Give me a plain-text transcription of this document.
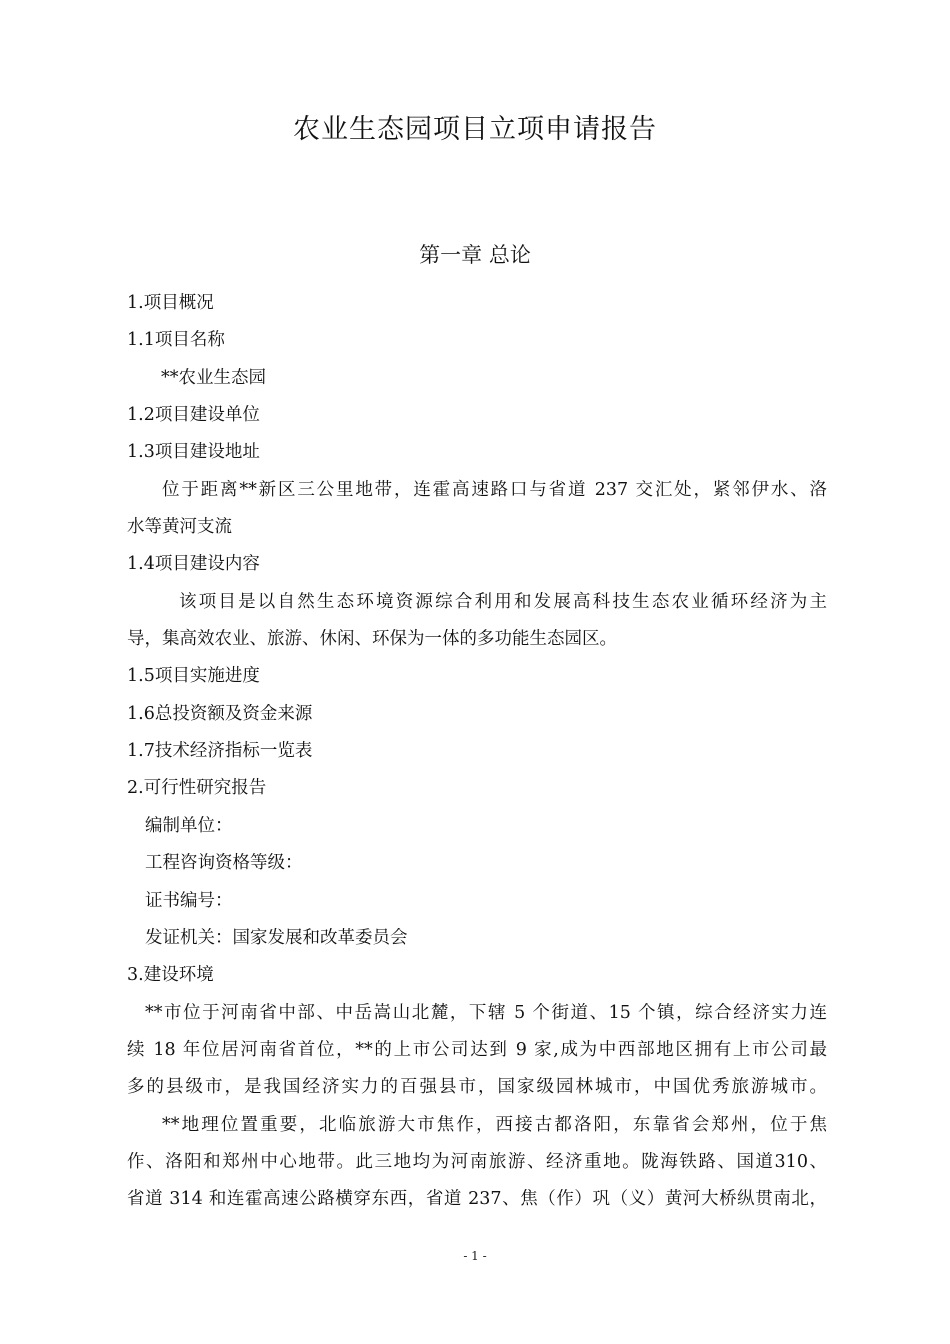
农业生态园项目立项申请报告
第一章 总论
1.项目概况
1.1项目名称
**农业生态园
1.2项目建设单位
1.3项目建设地址
位于距离**新区三公里地带，连霍高速路口与省道 237 交汇处，紧邻伊水、洛
水等黄河支流
1.4项目建设内容
该项目是以自然生态环境资源综合利用和发展高科技生态农业循环经济为主
导，集高效农业、旅游、休闲、环保为一体的多功能生态园区。
1.5项目实施进度
1.6总投资额及资金来源
1.7技术经济指标一览表
2.可行性研究报告
编制单位：
工程咨询资格等级：
证书编号：
发证机关：国家发展和改革委员会
3.建设环境
**市位于河南省中部、中岳嵩山北麓，下辖 5 个街道、15 个镇，综合经济实力连
续 18 年位居河南省首位，**的上市公司达到 9 家,成为中西部地区拥有上市公司最
多的县级市，是我国经济实力的百强县市，国家级园林城市，中国优秀旅游城市。
**地理位置重要，北临旅游大市焦作，西接古都洛阳，东靠省会郑州，位于焦
作、洛阳和郑州中心地带。此三地均为河南旅游、经济重地。陇海铁路、国道310、
省道 314 和连霍高速公路横穿东西，省道 237、焦（作）巩（义）黄河大桥纵贯南北，
- 1 -
